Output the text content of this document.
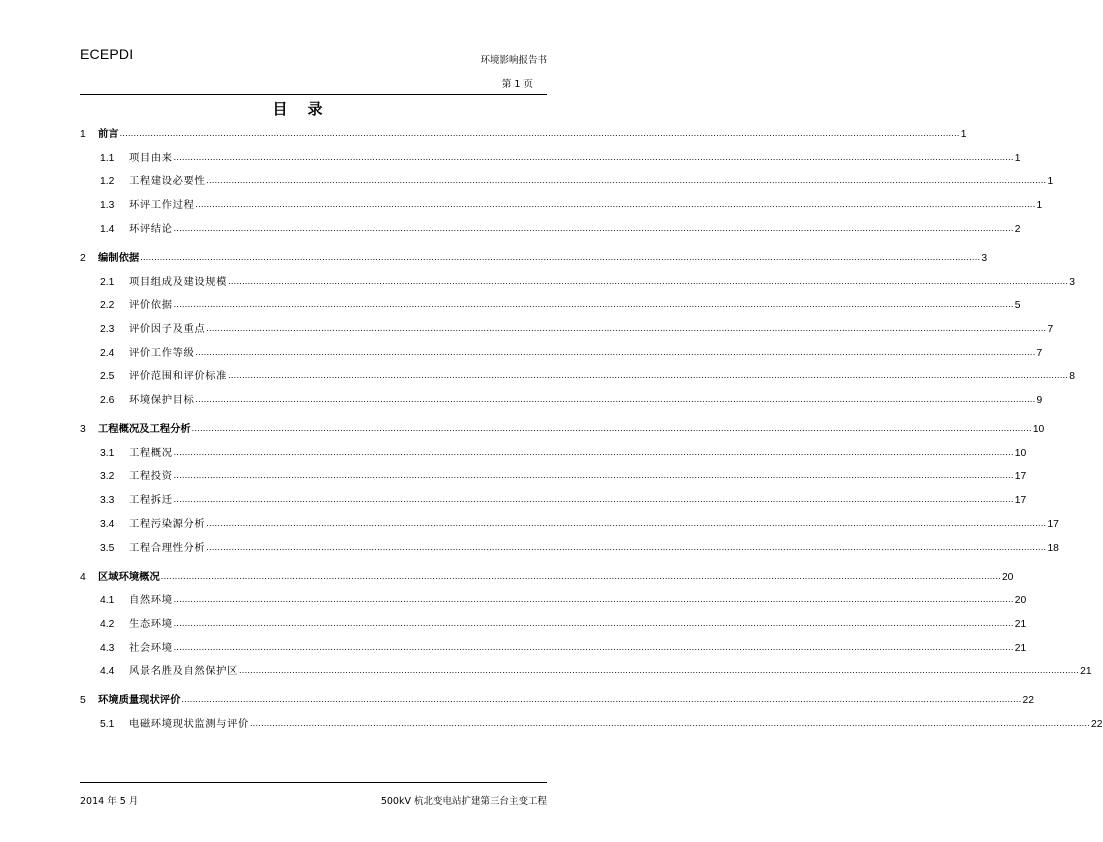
ECEPDI	环境影响报告书
第 1 页
目录
1	前言 ............................................................................................................................................................................................................................................................................................................ 1
1.1	项目由来 ............................................................................................................................................................................................................................................................................................................ 1
1.2	工程建设必要性 ............................................................................................................................................................................................................................................................................................................ 1
1.3	环评工作过程 ............................................................................................................................................................................................................................................................................................................ 1
1.4	环评结论 ............................................................................................................................................................................................................................................................................................................ 2
2	编制依据 ............................................................................................................................................................................................................................................................................................................ 3
2.1	项目组成及建设规模 ............................................................................................................................................................................................................................................................................................................ 3
2.2	评价依据 ............................................................................................................................................................................................................................................................................................................ 5
2.3	评价因子及重点 ............................................................................................................................................................................................................................................................................................................ 7
2.4	评价工作等级 ............................................................................................................................................................................................................................................................................................................ 7
2.5	评价范围和评价标准 ............................................................................................................................................................................................................................................................................................................ 8
2.6	环境保护目标 ............................................................................................................................................................................................................................................................................................................ 9
3	工程概况及工程分析 ............................................................................................................................................................................................................................................................................................................ 10
3.1	工程概况 ............................................................................................................................................................................................................................................................................................................ 10
3.2	工程投资 ............................................................................................................................................................................................................................................................................................................ 17
3.3	工程拆迁 ............................................................................................................................................................................................................................................................................................................ 17
3.4	工程污染源分析 ............................................................................................................................................................................................................................................................................................................ 17
3.5	工程合理性分析 ............................................................................................................................................................................................................................................................................................................ 18
4	区域环境概况 ............................................................................................................................................................................................................................................................................................................ 20
4.1	自然环境 ............................................................................................................................................................................................................................................................................................................ 20
4.2	生态环境 ............................................................................................................................................................................................................................................................................................................ 21
4.3	社会环境 ............................................................................................................................................................................................................................................................................................................ 21
4.4	风景名胜及自然保护区 ............................................................................................................................................................................................................................................................................................................ 21
5	环境质量现状评价 ............................................................................................................................................................................................................................................................................................................ 22
5.1	电磁环境现状监测与评价 ............................................................................................................................................................................................................................................................................................................ 22
2014 年 5 月	500kV 杭北变电站扩建第三台主变工程
